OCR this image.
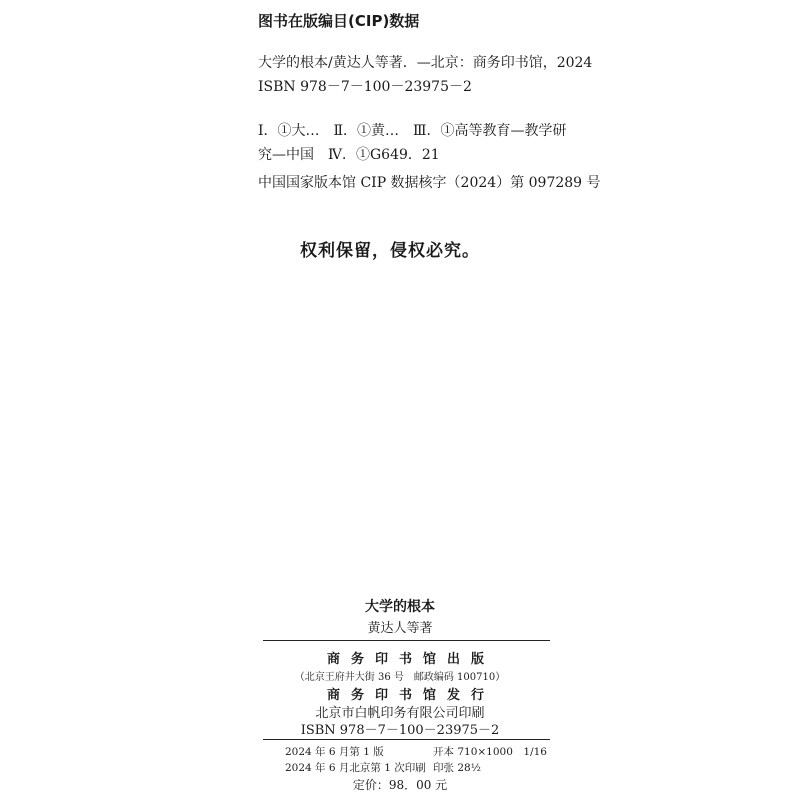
图书在版编目(CIP)数据
大学的根本/黄达人等著．—北京：商务印书馆，2024
ISBN 978－7－100－23975－2
Ⅰ．①大…　Ⅱ．①黄…　Ⅲ．①高等教育—教学研
究—中国　Ⅳ．①G649．21
中国国家版本馆 CIP 数据核字（2024）第 097289 号
权利保留，侵权必究。
大学的根本
黄达人等著
商务印书馆出版
（北京王府井大街 36 号　邮政编码 100710）
商务印书馆发行
北京市白帆印务有限公司印刷
ISBN 978－7－100－23975－2
2024 年 6 月第 1 版	开本 710×1000　1/16
2024 年 6 月北京第 1 次印刷 印张 28½
定价：98．00 元
